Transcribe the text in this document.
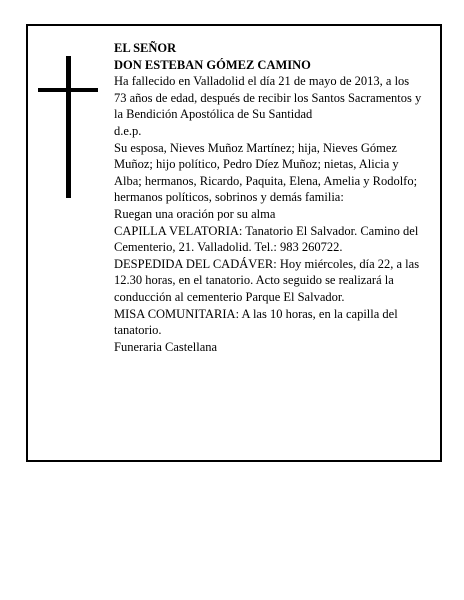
EL SEÑOR

DON ESTEBAN GÓMEZ CAMINO

Ha fallecido en Valladolid el día 21 de mayo de 2013, a los 73 años de edad, después de recibir los Santos Sacramentos y la Bendición Apostólica de Su Santidad

d.e.p.

Su esposa, Nieves Muñoz Martínez; hija, Nieves Gómez Muñoz; hijo político, Pedro Díez Muñoz; nietas, Alicia y Alba; hermanos, Ricardo, Paquita, Elena, Amelia y Rodolfo; hermanos políticos, sobrinos y demás familia:

Ruegan una oración por su alma

CAPILLA VELATORIA: Tanatorio El Salvador. Camino del Cementerio, 21. Valladolid. Tel.: 983 260722.

DESPEDIDA DEL CADÁVER: Hoy miércoles, día 22, a las 12.30 horas, en el tanatorio. Acto seguido se realizará la conducción al cementerio Parque El Salvador.

MISA COMUNITARIA: A las 10 horas, en la capilla del tanatorio.

Funeraria Castellana
